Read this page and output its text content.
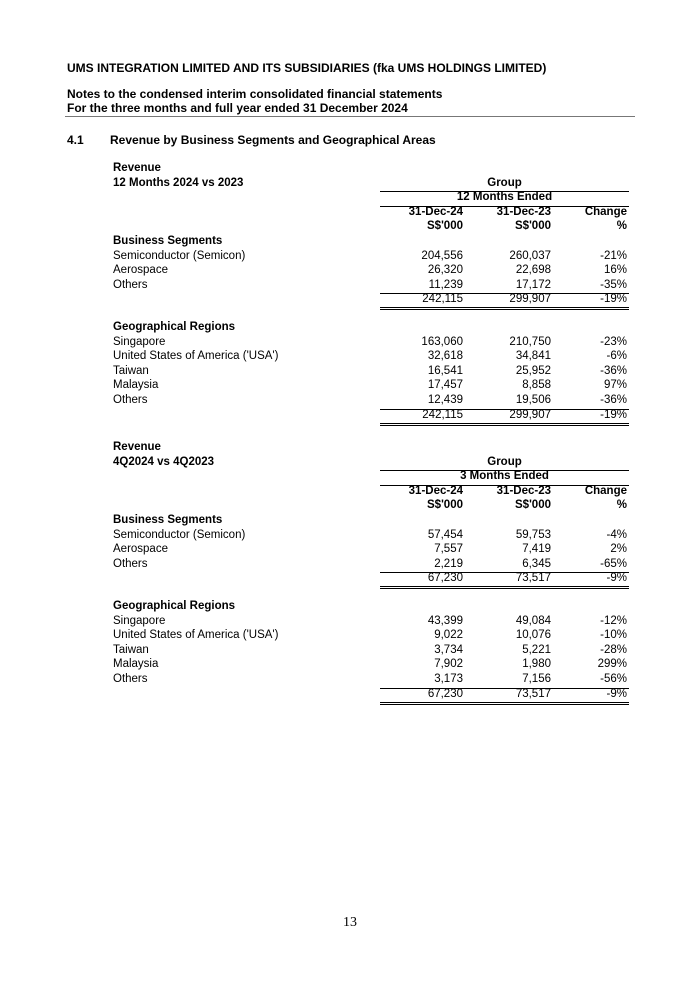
UMS INTEGRATION LIMITED AND ITS SUBSIDIARIES (fka UMS HOLDINGS LIMITED)
Notes to the condensed interim consolidated financial statements
For the three months and full year ended 31 December 2024
4.1 Revenue by Business Segments and Geographical Areas
Revenue
12 Months 2024 vs 2023	Group
12 Months Ended
31-Dec-24	31-Dec-23	Change
S$'000	S$'000	%
Business Segments
Semiconductor (Semicon)	204,556	260,037	-21%
Aerospace	26,320	22,698	16%
Others	11,239	17,172	-35%
242,115	299,907	-19%
Geographical Regions
Singapore	163,060	210,750	-23%
United States of America ('USA')	32,618	34,841	-6%
Taiwan	16,541	25,952	-36%
Malaysia	17,457	8,858	97%
Others	12,439	19,506	-36%
242,115	299,907	-19%
Revenue
4Q2024 vs 4Q2023	Group
3 Months Ended
31-Dec-24	31-Dec-23	Change
S$'000	S$'000	%
Business Segments
Semiconductor (Semicon)	57,454	59,753	-4%
Aerospace	7,557	7,419	2%
Others	2,219	6,345	-65%
67,230	73,517	-9%
Geographical Regions
Singapore	43,399	49,084	-12%
United States of America ('USA')	9,022	10,076	-10%
Taiwan	3,734	5,221	-28%
Malaysia	7,902	1,980	299%
Others	3,173	7,156	-56%
67,230	73,517	-9%
13
